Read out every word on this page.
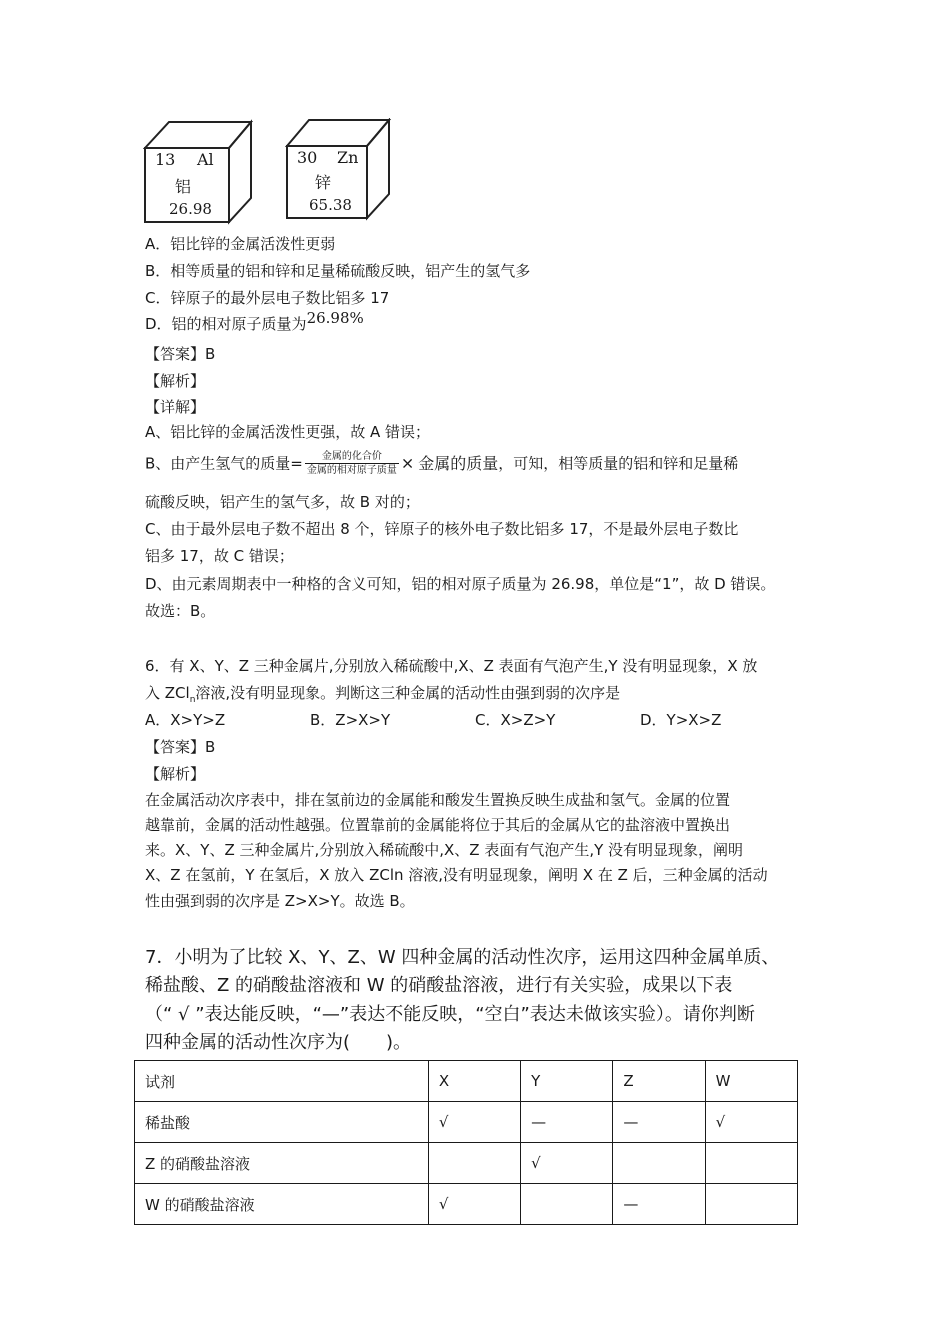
13 Al
铝
26.98
30 Zn
锌
65.38
A．铝比锌的金属活泼性更弱
B．相等质量的铝和锌和足量稀硫酸反映，铝产生的氢气多
C．锌原子的最外层电子数比铝多 17
D．铝的相对原子质量为26.98%
【答案】B
【解析】
【详解】
A、铝比锌的金属活泼性更强，故 A 错误；
B、由产生氢气的质量= $\frac{\text{金属的化合价}}{\text{金属的相对原子质量}}$ × 金属的质量，可知，相等质量的铝和锌和足量稀
硫酸反映，铝产生的氢气多，故 B 对的；
C、由于最外层电子数不超出 8 个，锌原子的核外电子数比铝多 17，不是最外层电子数比
铝多 17，故 C 错误；
D、由元素周期表中一种格的含义可知，铝的相对原子质量为 26.98，单位是“1”，故 D 错误。
故选：B。
6．有 X、Y、Z 三种金属片,分别放入稀硫酸中,X、Z 表面有气泡产生,Y 没有明显现象，X 放
入 ZCl$_n$溶液,没有明显现象。判断这三种金属的活动性由强到弱的次序是
A．X>Y>Z	B．Z>X>Y	C．X>Z>Y	D．Y>X>Z
【答案】B
【解析】
在金属活动次序表中，排在氢前边的金属能和酸发生置换反映生成盐和氢气。金属的位置
越靠前，金属的活动性越强。位置靠前的金属能将位于其后的金属从它的盐溶液中置换出
来。X、Y、Z 三种金属片,分别放入稀硫酸中,X、Z 表面有气泡产生,Y 没有明显现象，阐明
X、Z 在氢前，Y 在氢后，X 放入 ZCln 溶液,没有明显现象，阐明 X 在 Z 后，三种金属的活动
性由强到弱的次序是 Z>X>Y。故选 B。
7．小明为了比较 X、Y、Z、W 四种金属的活动性次序，运用这四种金属单质、
稀盐酸、Z 的硝酸盐溶液和 W 的硝酸盐溶液，进行有关实验，成果以下表
（“ √ ”表达能反映，“—”表达不能反映，“空白”表达未做该实验）。请你判断
四种金属的活动性次序为(　　)。
试剂	X	Y	Z	W
稀盐酸	√	—	—	√
Z 的硝酸盐溶液		√		
W 的硝酸盐溶液	√		—	
